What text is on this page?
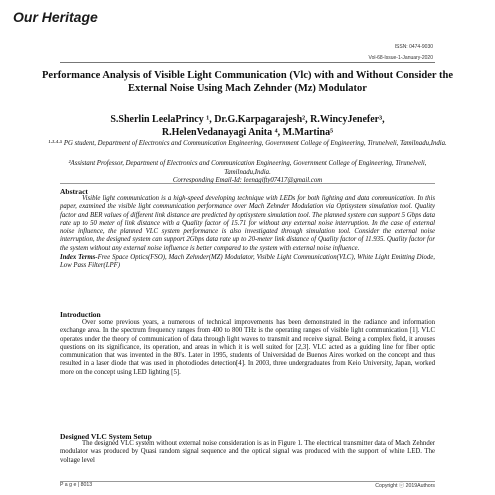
Our Heritage
ISSN: 0474-9030
Vol-68-Issue-1-January-2020
Performance Analysis of Visible Light Communication (Vlc) with and Without Consider the External Noise Using Mach Zehnder (Mz) Modulator
S.Sherlin LeelaPrincy ¹, Dr.G.Karpagarajesh², R.WincyJenefer³,
R.HelenVedanayagi Anita ⁴, M.Martina⁵
¹·³·⁴·⁵ PG student, Department of Electronics and Communication Engineering, Government College of Engineering, Tirunelveli, Tamilnadu,India.
²Assistant Professor, Department of Electronics and Communication Engineering, Government College of Engineering, Tirunelveli, Tamilnadu,India.
Corresponding Email-Id: leenagifty07417@gmail.com
Abstract

Visible light communication is a high-speed developing technique with LEDs for both lighting and data communication. In this paper, examined the visible light communication performance over Mach Zehnder Modulation via Optisystem simulation tool. Quality factor and BER values of different link distance are predicted by optisystem simulation tool. The planned system can support 5 Gbps data rate up to 50 meter of link distance with a Quality factor of 15.71 for without any external noise interruption. In the case of external noise influence, the planned VLC system performance is also investigated through simulation tool. Consider the external noise interruption, the designed system can support 2Gbps data rate up to 20-meter link distance of Quality factor of 11.935. Quality factor for the system without any external noise influence is better compared to the system with external noise influence.

Index Terms-Free Space Optics(FSO), Mach Zehnder(MZ) Modulator, Visible Light Communication(VLC), White Light Emitting Diode, Low Pass Filter(LPF)

Introduction

Over some previous years, a numerous of technical improvements has been demonstrated in the radiance and information exchange area. In the spectrum frequency ranges from 400 to 800 THz is the operating ranges of visible light communication [1]. VLC operates under the theory of communication of data through light waves to transmit and receive signal. Being a complex field, it arouses questions on its significance, its operation, and areas in which it is well suited for [2,3]. VLC acted as a guiding line for fiber optic communication that was invented in the 80's. Later in 1995, students of Universidad de Buenos Aires worked on the concept and thus resulted in a laser diode that was used in photodiodes detection[4]. In 2003, three undergraduates from Keio University, Japan, worked more on the concept using LED lighting [5].

Designed VLC System Setup

The designed VLC system without external noise consideration is as in Figure 1. The electrical transmitter data of Mach Zehnder modulator was produced by Quasi random signal sequence and the optical signal was produced with the support of white LED. The voltage level

P a g e | 8013	Copyright ⓒ 2019Authors
